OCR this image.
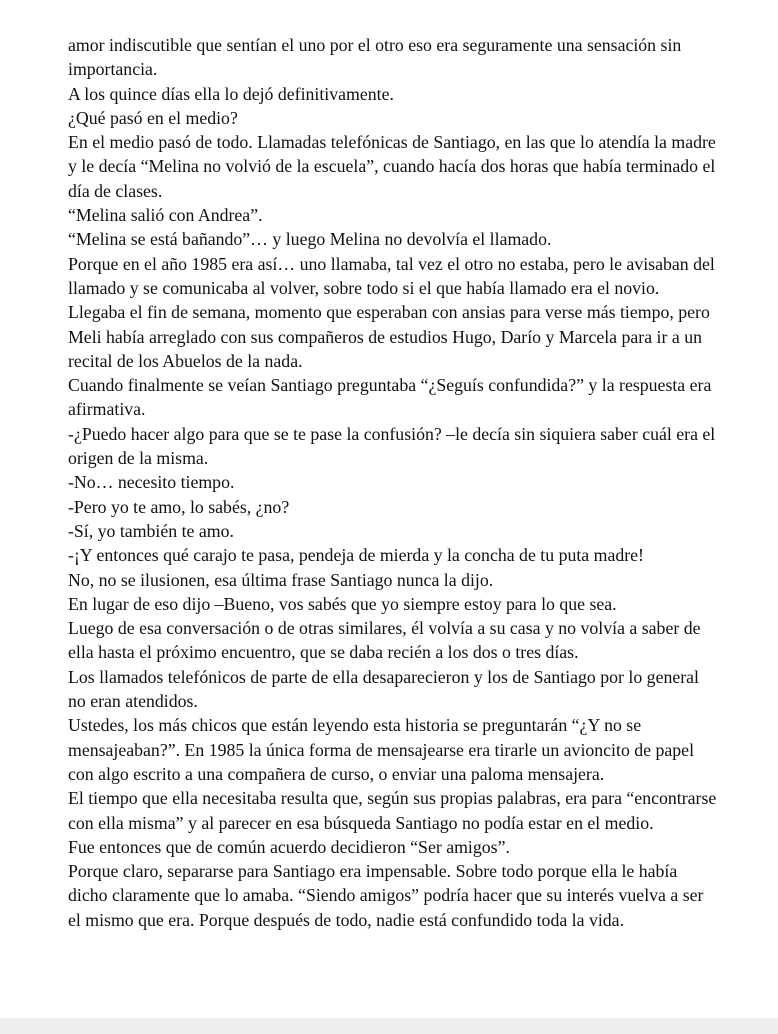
amor indiscutible que sentían el uno por el otro eso era seguramente una sensación sin importancia.

A los quince días ella lo dejó definitivamente.

¿Qué pasó en el medio?

En el medio pasó de todo. Llamadas telefónicas de Santiago, en las que lo atendía la madre y le decía “Melina no volvió de la escuela”, cuando hacía dos horas que había terminado el día de clases.

“Melina salió con Andrea”.

“Melina se está bañando”… y luego Melina no devolvía el llamado.

Porque en el año 1985 era así… uno llamaba, tal vez el otro no estaba, pero le avisaban del llamado y se comunicaba al volver, sobre todo si el que había llamado era el novio.

Llegaba el fin de semana, momento que esperaban con ansias para verse más tiempo, pero Meli había arreglado con sus compañeros de estudios Hugo, Darío y Marcela para ir a un recital de los Abuelos de la nada.

Cuando finalmente se veían Santiago preguntaba “¿Seguís confundida?” y la respuesta era afirmativa.

-¿Puedo hacer algo para que se te pase la confusión? –le decía sin siquiera saber cuál era el origen de la misma.

-No… necesito tiempo.

-Pero yo te amo, lo sabés, ¿no?

-Sí, yo también te amo.

-¡Y entonces qué carajo te pasa, pendeja de mierda y la concha de tu puta madre!

No, no se ilusionen, esa última frase Santiago nunca la dijo.

En lugar de eso dijo –Bueno, vos sabés que yo siempre estoy para lo que sea.

Luego de esa conversación o de otras similares, él volvía a su casa y no volvía a saber de ella hasta el próximo encuentro, que se daba recién a los dos o tres días.

Los llamados telefónicos de parte de ella desaparecieron y los de Santiago por lo general no eran atendidos.

Ustedes, los más chicos que están leyendo esta historia se preguntarán “¿Y no se mensajeaban?”. En 1985 la única forma de mensajearse era tirarle un avioncito de papel con algo escrito a una compañera de curso, o enviar una paloma mensajera.

El tiempo que ella necesitaba resulta que, según sus propias palabras, era para “encontrarse con ella misma” y al parecer en esa búsqueda Santiago no podía estar en el medio.

Fue entonces que de común acuerdo decidieron “Ser amigos”.

Porque claro, separarse para Santiago era impensable. Sobre todo porque ella le había dicho claramente que lo amaba. “Siendo amigos” podría hacer que su interés vuelva a ser el mismo que era. Porque después de todo, nadie está confundido toda la vida.
